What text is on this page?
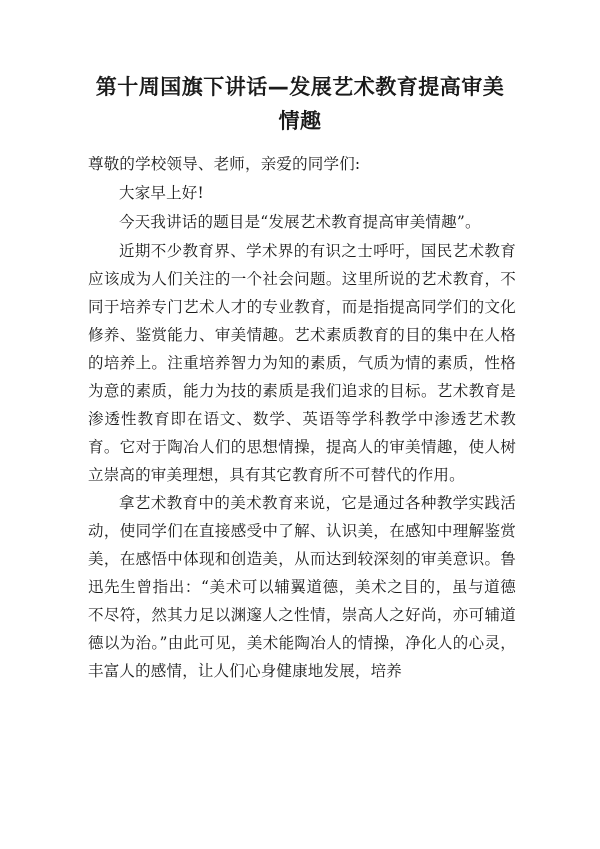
第十周国旗下讲话—发展艺术教育提高审美情趣

尊敬的学校领导、老师，亲爱的同学们:

大家早上好!

今天我讲话的题目是“发展艺术教育提高审美情趣”。

近期不少教育界、学术界的有识之士呼吁，国民艺术教育应该成为人们关注的一个社会问题。这里所说的艺术教育，不同于培养专门艺术人才的专业教育，而是指提高同学们的文化修养、鉴赏能力、审美情趣。艺术素质教育的目的集中在人格的培养上。注重培养智力为知的素质，气质为情的素质，性格为意的素质，能力为技的素质是我们追求的目标。艺术教育是渗透性教育即在语文、数学、英语等学科教学中渗透艺术教育。它对于陶冶人们的思想情操，提高人的审美情趣，使人树立崇高的审美理想，具有其它教育所不可替代的作用。

拿艺术教育中的美术教育来说，它是通过各种教学实践活动，使同学们在直接感受中了解、认识美，在感知中理解鉴赏美，在感悟中体现和创造美，从而达到较深刻的审美意识。鲁迅先生曾指出：“美术可以辅翼道德，美术之目的，虽与道德不尽符，然其力足以渊邃人之性情，崇高人之好尚，亦可辅道德以为治。”由此可见，美术能陶冶人的情操，净化人的心灵，丰富人的感情，让人们心身健康地发展，培养
